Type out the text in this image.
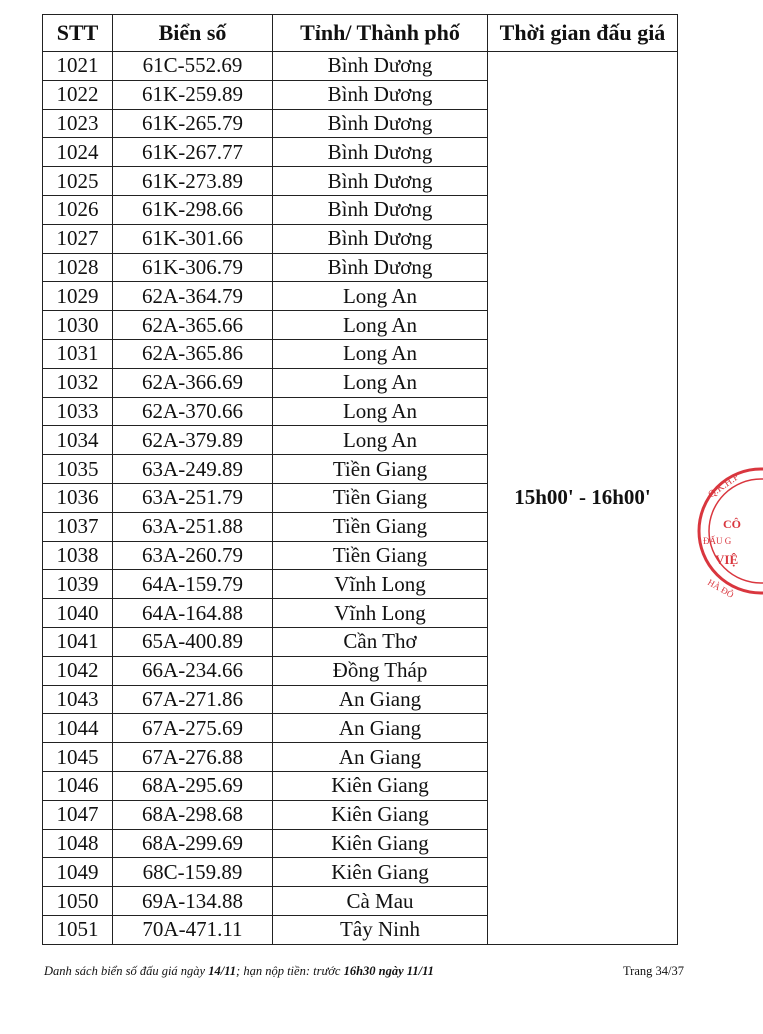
STT	Biển số	Tỉnh/ Thành phố	Thời gian đấu giá
1021	61C-552.69	Bình Dương	15h00' - 16h00'
1022	61K-259.89	Bình Dương	
1023	61K-265.79	Bình Dương	
1024	61K-267.77	Bình Dương	
1025	61K-273.89	Bình Dương	
1026	61K-298.66	Bình Dương	
1027	61K-301.66	Bình Dương	
1028	61K-306.79	Bình Dương	
1029	62A-364.79	Long An	
1030	62A-365.66	Long An	
1031	62A-365.86	Long An	
1032	62A-366.69	Long An	
1033	62A-370.66	Long An	
1034	62A-379.89	Long An	
1035	63A-249.89	Tiền Giang	
1036	63A-251.79	Tiền Giang	
1037	63A-251.88	Tiền Giang	
1038	63A-260.79	Tiền Giang	
1039	64A-159.79	Vĩnh Long	
1040	64A-164.88	Vĩnh Long	
1041	65A-400.89	Cần Thơ	
1042	66A-234.66	Đồng Tháp	
1043	67A-271.86	An Giang	
1044	67A-275.69	An Giang	
1045	67A-276.88	An Giang	
1046	68A-295.69	Kiên Giang	
1047	68A-298.68	Kiên Giang	
1048	68A-299.69	Kiên Giang	
1049	68C-159.89	Kiên Giang	
1050	69A-134.88	Cà Mau	
1051	70A-471.11	Tây Ninh	
Danh sách biển số đấu giá ngày 14/11; hạn nộp tiền: trước 16h30 ngày 11/11	Trang 34/37
Q.K.H.P
CÔ
ĐẤU G
VIỆ
HÀ ĐÔ
